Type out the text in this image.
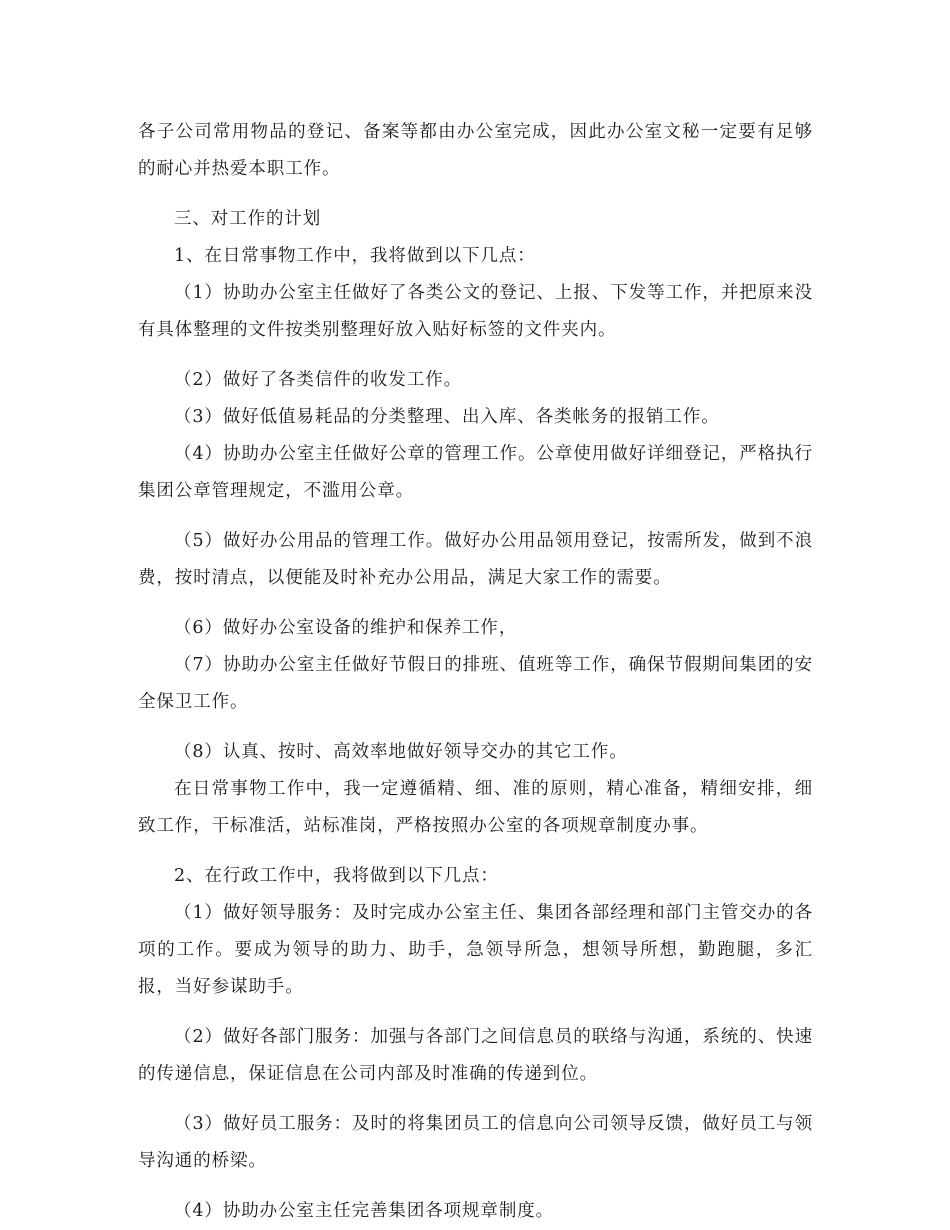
各子公司常用物品的登记、备案等都由办公室完成，因此办公室文秘一定要有足够的耐心并热爱本职工作。

三、对工作的计划

1、在日常事物工作中，我将做到以下几点：

（1）协助办公室主任做好了各类公文的登记、上报、下发等工作，并把原来没有具体整理的文件按类别整理好放入贴好标签的文件夹内。

（2）做好了各类信件的收发工作。

（3）做好低值易耗品的分类整理、出入库、各类帐务的报销工作。

（4）协助办公室主任做好公章的管理工作。公章使用做好详细登记，严格执行集团公章管理规定，不滥用公章。

（5）做好办公用品的管理工作。做好办公用品领用登记，按需所发，做到不浪费，按时清点，以便能及时补充办公用品，满足大家工作的需要。

（6）做好办公室设备的维护和保养工作，

（7）协助办公室主任做好节假日的排班、值班等工作，确保节假期间集团的安全保卫工作。

（8）认真、按时、高效率地做好领导交办的其它工作。

在日常事物工作中，我一定遵循精、细、准的原则，精心准备，精细安排，细致工作，干标准活，站标准岗，严格按照办公室的各项规章制度办事。

2、在行政工作中，我将做到以下几点：

（1）做好领导服务：及时完成办公室主任、集团各部经理和部门主管交办的各项的工作。要成为领导的助力、助手，急领导所急，想领导所想，勤跑腿，多汇报，当好参谋助手。

（2）做好各部门服务：加强与各部门之间信息员的联络与沟通，系统的、快速的传递信息，保证信息在公司内部及时准确的传递到位。

（3）做好员工服务：及时的将集团员工的信息向公司领导反馈，做好员工与领导沟通的桥梁。

（4）协助办公室主任完善集团各项规章制度。
